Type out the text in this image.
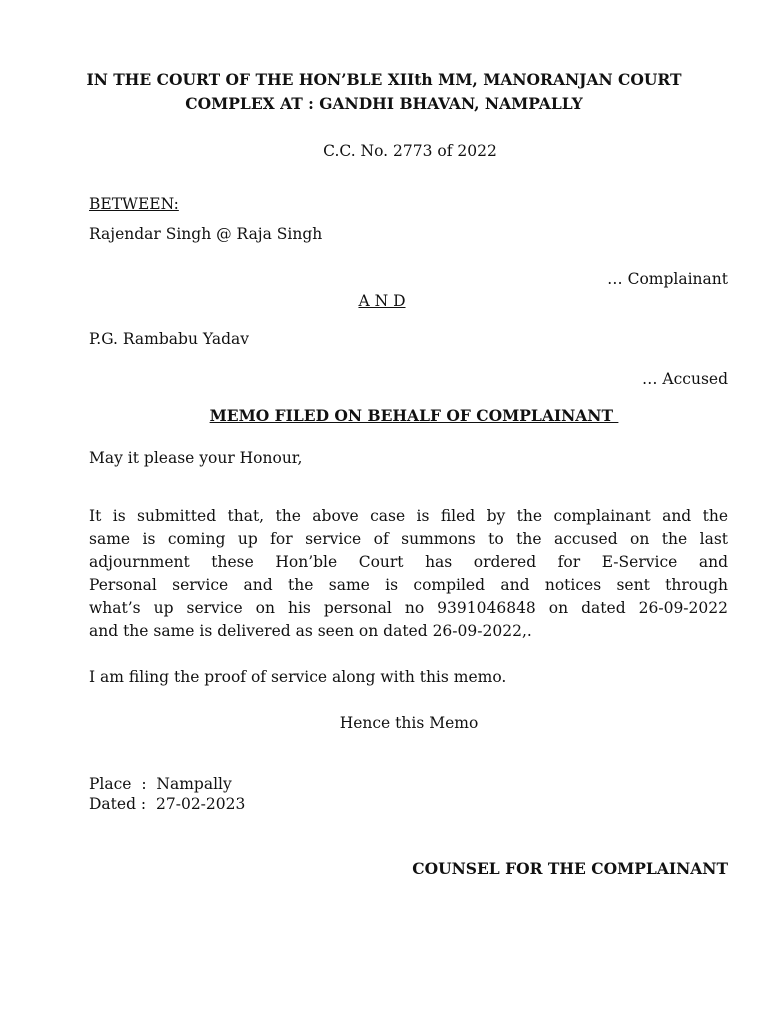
IN THE COURT OF THE HON’BLE XIIth MM, MANORANJAN COURT
COMPLEX AT : GANDHI BHAVAN, NAMPALLY
C.C. No. 2773 of 2022
BETWEEN:
Rajendar Singh @ Raja Singh
… Complainant
A N D
P.G. Rambabu Yadav
… Accused
MEMO FILED ON BEHALF OF COMPLAINANT
May it please your Honour,
It is submitted that, the above case is filed by the complainant and the
same is coming up for service of summons to the accused on the last
adjournment these Hon’ble Court has ordered for E-Service and
Personal service and the same is compiled and notices sent through
what’s up service on his personal no 9391046848 on dated 26-09-2022
and the same is delivered as seen on dated 26-09-2022,.
I am filing the proof of service along with this memo.
Hence this Memo
Place  :  Nampally
Dated :  27-02-2023
COUNSEL FOR THE COMPLAINANT
